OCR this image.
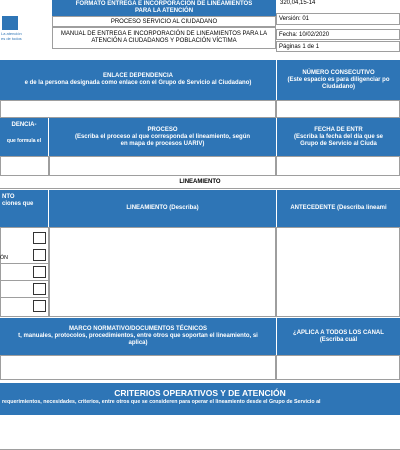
La atención
es de todos
FORMATO ENTREGA E INCORPORACIÓN DE LINEAMIENTOS
PARA LA ATENCIÓN
320,04,15-14
PROCESO SERVICIO AL CIUDADANO	Versión: 01
MANUAL DE ENTREGA E INCORPORACIÓN DE LINEAMIENTOS PARA LA
ATENCIÓN A CIUDADANOS Y POBLACIÓN VÍCTIMA
Fecha: 10/02/2020
Páginas 1 de 1
ENLACE DEPENDENCIA
e de la persona designada como enlace con el Grupo de Servicio al Ciudadano)
NÚMERO CONSECUTIVO
(Este espacio es para diligenciar po
Ciudadano)
DENCIA-
que formula el
PROCESO
(Escriba el proceso al que corresponda el lineamiento, según
en mapa de procesos UARIV)
FECHA DE ENTR
(Escriba la fecha del día que se
Grupo de Servicio al Ciuda
LINEAMIENTO
NTO
ciones que
LINEAMIENTO (Describa)	ANTECEDENTE (Describa lineami
ÓN
MARCO NORMATIVO/DOCUMENTOS TÉCNICOS
t, manuales, protocolos, procedimientos, entre otros que soportan el lineamiento, si
aplica)
¿APLICA A TODOS LOS CANAL
(Escriba cuál
CRITERIOS OPERATIVOS Y DE ATENCIÓN
requerimientos, necesidades, criterios, entre otros que se consideren para operar el lineamiento desde el Grupo de Servicio al
